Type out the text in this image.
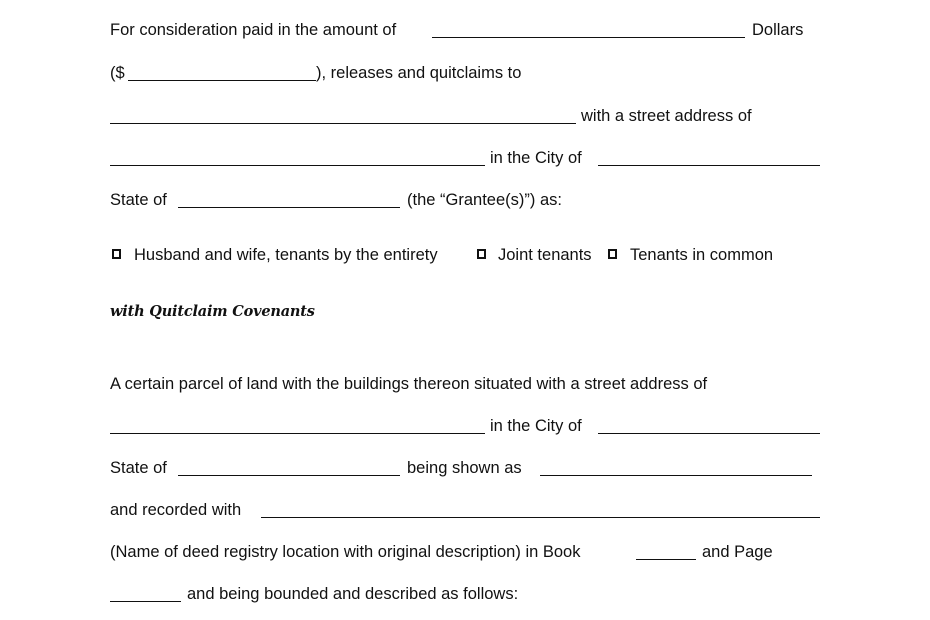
For consideration paid in the amount of	Dollars
($	), releases and quitclaims to
with a street address of
in the City of
State of	(the “Grantee(s)”) as:
Husband and wife, tenants by the entirety	Joint tenants Tenants in common
with Quitclaim Covenants
A certain parcel of land with the buildings thereon situated with a street address of
in the City of
State of	being shown as
and recorded with
(Name of deed registry location with original description) in Book	and Page
and being bounded and described as follows:
